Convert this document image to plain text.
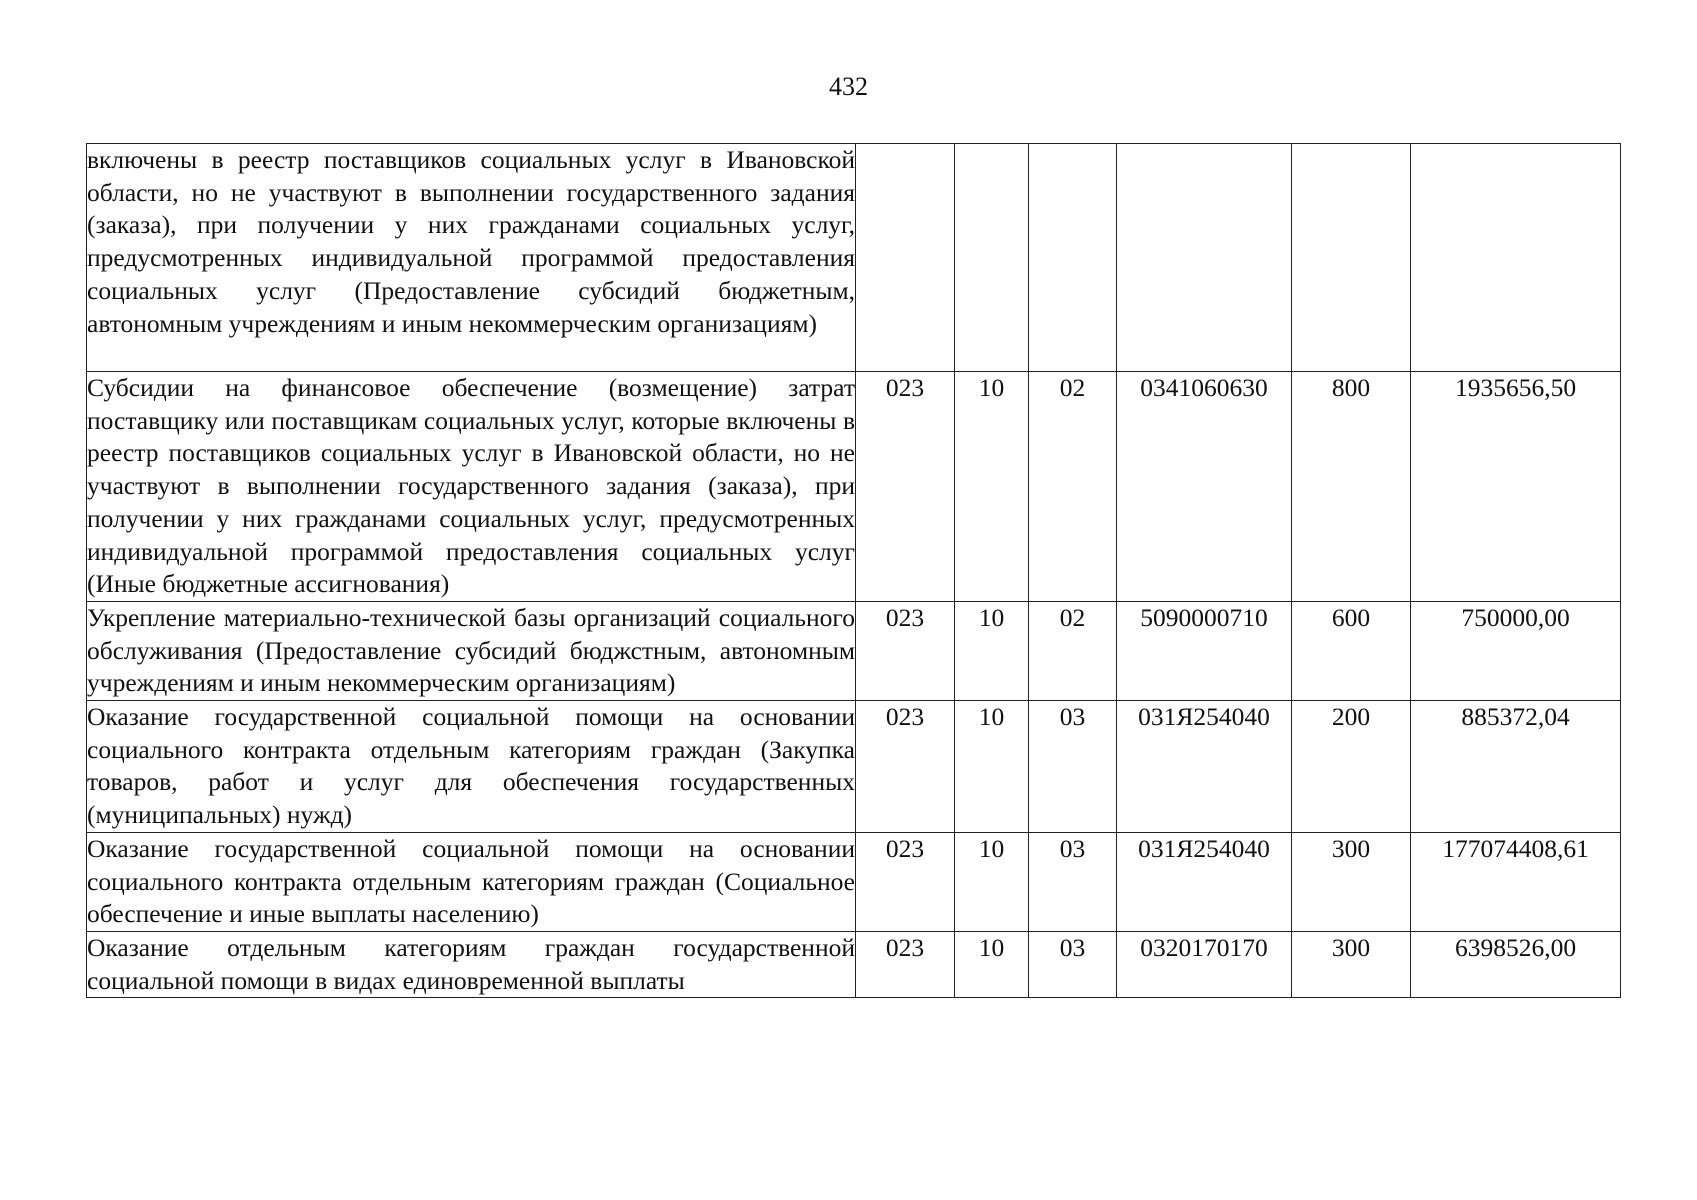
432
включены в реестр поставщиков социальных услуг в Ивановской области, но не участвуют в выполнении государственного задания (заказа), при получении у них гражданами социальных услуг, предусмотренных индивидуальной программой предоставления социальных услуг (Предоставление субсидий бюджетным, автономным учреждениям и иным некоммерческим организациям)						
Субсидии на финансовое обеспечение (возмещение) затрат поставщику или поставщикам социальных услуг, которые включены в реестр поставщиков социальных услуг в Ивановской области, но не участвуют в выполнении государственного задания (заказа), при получении у них гражданами социальных услуг, предусмотренных индивидуальной программой предоставления социальных услуг (Иные бюджетные ассигнования)	023	10	02	0341060630	800	1935656,50
Укрепление материально-технической базы организаций социального обслуживания (Предоставление субсидий бюджстным, автономным учреждениям и иным некоммерческим организациям)	023	10	02	5090000710	600	750000,00
Оказание государственной социальной помощи на основании социального контракта отдельным категориям граждан (Закупка товаров, работ и услуг для обеспечения государственных (муниципальных) нужд)	023	10	03	031Я254040	200	885372,04
Оказание государственной социальной помощи на основании социального контракта отдельным категориям граждан (Социальное обеспечение и иные выплаты населению)	023	10	03	031Я254040	300	177074408,61

Оказание отдельным категориям граждан государственной социальной помощи в видах единовременной выплаты	023	10	03	0320170170	300	6398526,00
